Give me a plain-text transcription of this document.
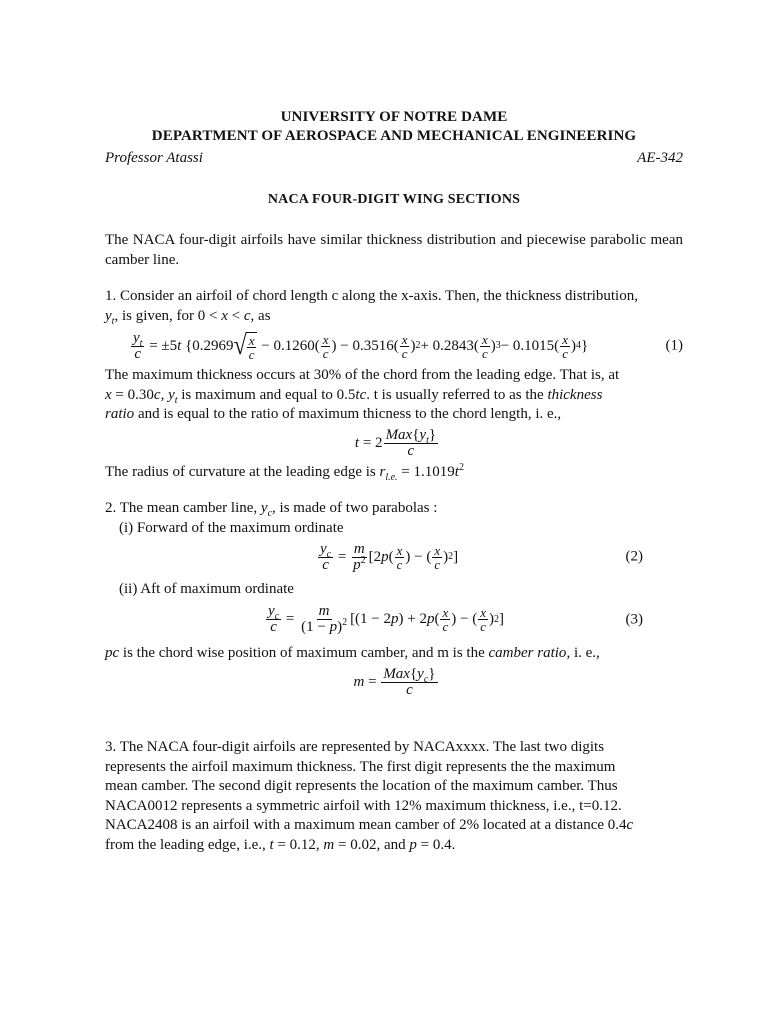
UNIVERSITY OF NOTRE DAME
DEPARTMENT OF AEROSPACE AND MECHANICAL ENGINEERING
Professor Atassi	AE-342
NACA FOUR-DIGIT WING SECTIONS

The NACA four-digit airfoils have similar thickness distribution and piecewise parabolic mean camber line.

1. Consider an airfoil of chord length c along the x-axis. Then, the thickness distribution,

$y_t$, is given, for 0 < x < c, as

$\frac{y_t}{c} = \pm 5$ t {0.2969 √ $\frac{x}{c} - 0.1260( \frac{x}{c}$ ) − $0.3516( \frac{x}{c}$ ) $2 + 0.2843( \frac{x}{c}$ ) $3 - 0.1015( \frac{x}{c}$ ) 4 }	(1)

The maximum thickness occurs at 30% of the chord from the leading edge. That is, at

x = 0.30c, $y_t$ is maximum and equal to 0.5tc. t is usually referred to as the thickness

ratio and is equal to the ratio of maximum thicness to the chord length, i. e.,

$t = 2 \frac{Max\{y_t\}}{c}$

The radius of curvature at the leading edge is $r_{l.e.} = 1.1019t^2$

2. The mean camber line, $y_c$, is made of two parabolas :

(i) Forward of the maximum ordinate

$\frac{y_c}{c} = \frac{m}{p^2} [2$ p ( $\frac{x}{c}$ ) − ( $\frac{x}{c}$ ) 2 ]	(2)

(ii) Aft of maximum ordinate

$\frac{y_c}{c} = \frac{m}{(1 - p)^2} [(1 - 2$ p ) + 2 p ( $\frac{x}{c}$ ) − ( $\frac{x}{c}$ ) 2 ]	(3)

pc is the chord wise position of maximum camber, and m is the camber ratio, i. e.,

$m = \frac{Max\{y_c\}}{c}$

3. The NACA four-digit airfoils are represented by NACAxxxx. The last two digits

represents the airfoil maximum thickness. The first digit represents the the maximum

mean camber. The second digit represents the location of the maximum camber. Thus

NACA0012 represents a symmetric airfoil with 12% maximum thickness, i.e., t=0.12.

NACA2408 is an airfoil with a maximum mean camber of 2% located at a distance 0.4c

from the leading edge, i.e., t = 0.12, m = 0.02, and p = 0.4.
